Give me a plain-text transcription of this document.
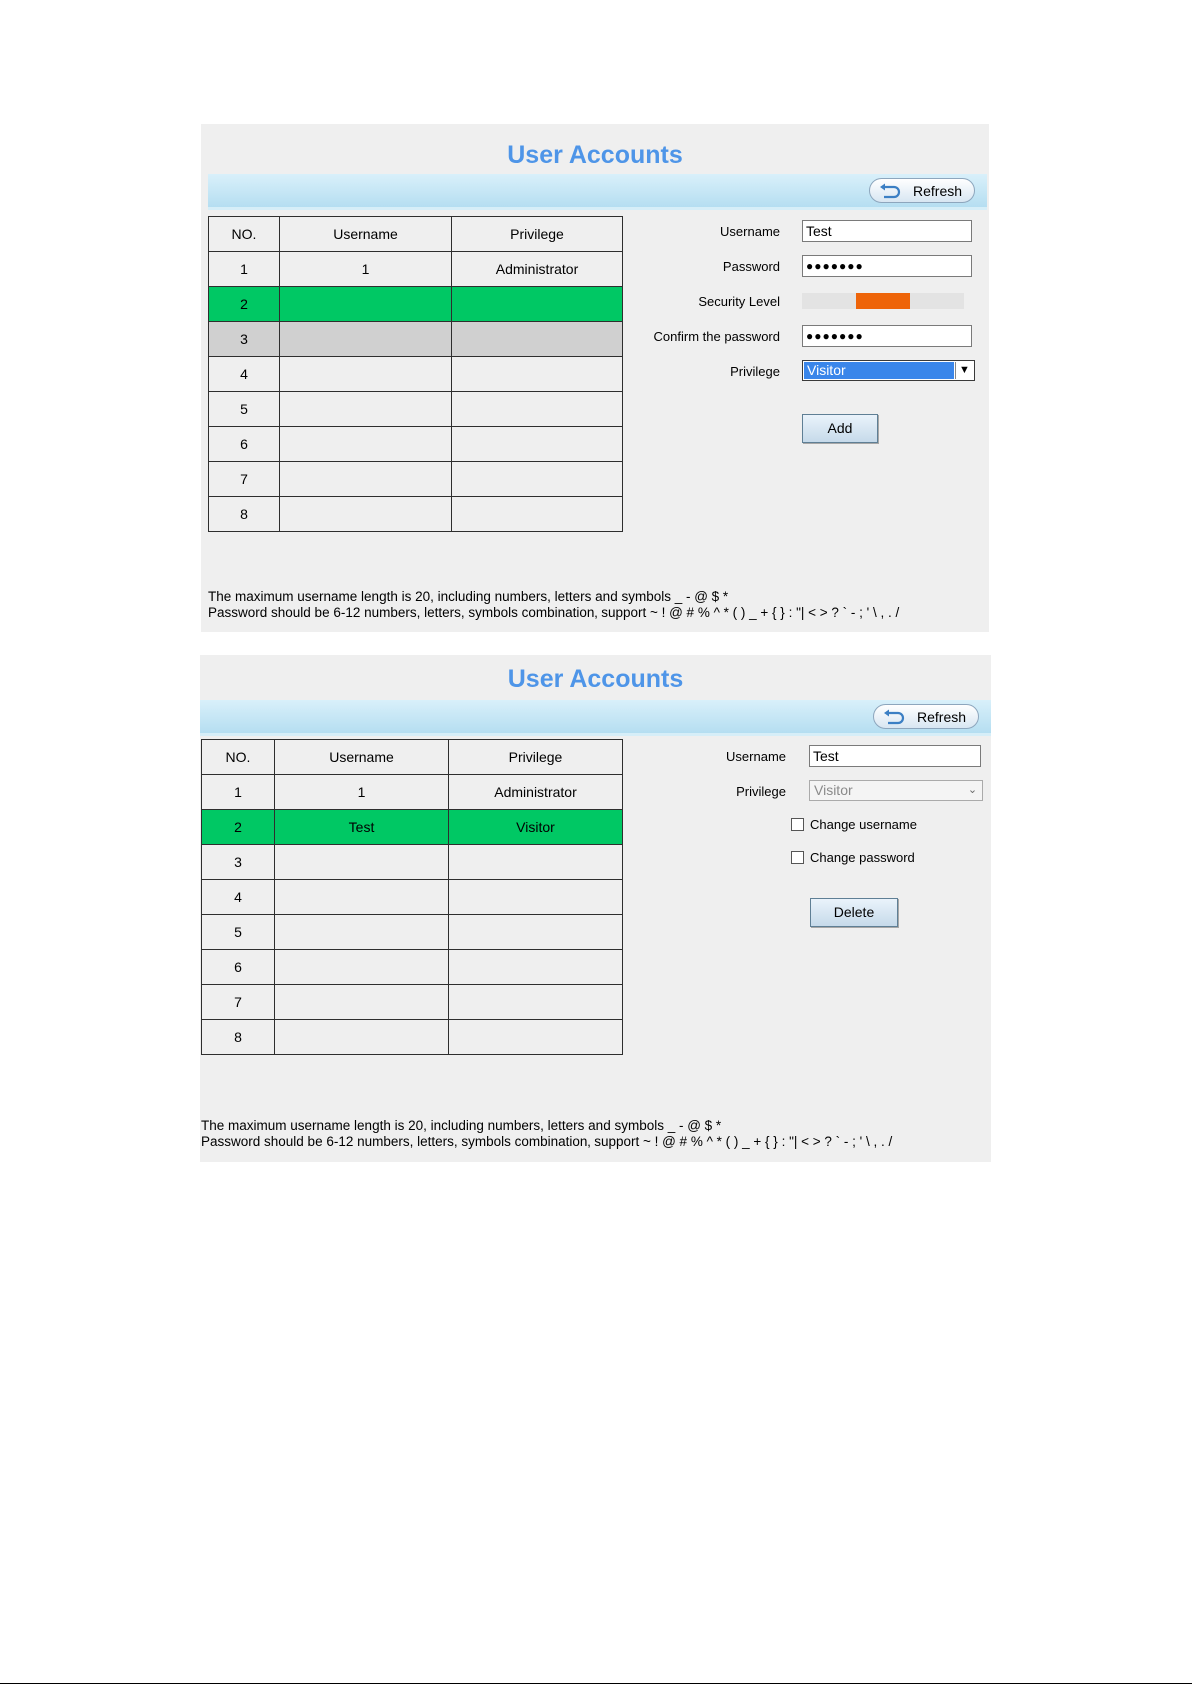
User Accounts
Refresh
NO.	Username	Privilege
1	1	Administrator
2		
3		
4		
5		
6		
7		
8		
Username Test
Password	●●●●●●●
Security Level
Confirm the password	●●●●●●●
Privilege Visitor	▼
Add
The maximum username length is 20, including numbers, letters and symbols _ - @ $ *
Password should be 6-12 numbers, letters, symbols combination‚ support ~ ! @ # % ^ * ( ) _ + { } : "| < > ? ` - ; ' \ , . /
User Accounts
Refresh
NO.	Username	Privilege
1	1	Administrator
2	Test	Visitor
3		
4		
5		
6		
7		
8		
Username Test
Privilege Visitor	⌄
Change username
Change password
Delete
The maximum username length is 20, including numbers, letters and symbols _ - @ $ *
Password should be 6-12 numbers, letters, symbols combination‚ support ~ ! @ # % ^ * ( ) _ + { } : "| < > ? ` - ; ' \ , . /
